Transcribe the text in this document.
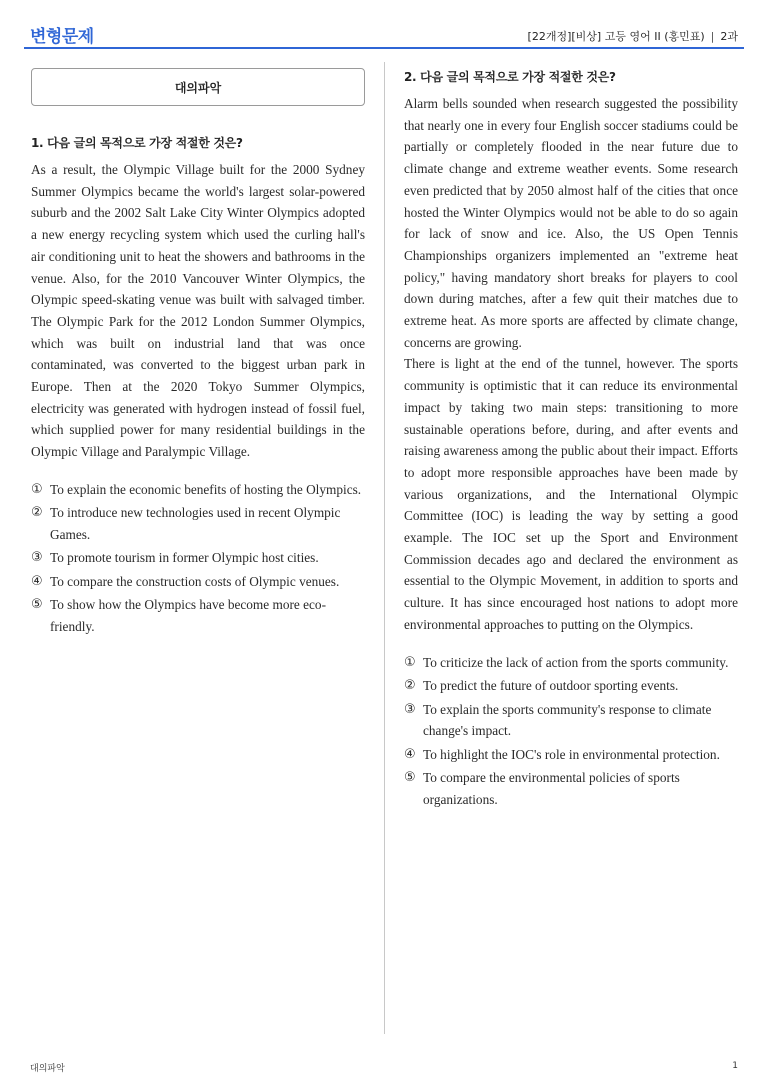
변형문제	[22개정][비상] 고등 영어 II (홍민표) | 2과
대의파악
1. 다음 글의 목적으로 가장 적절한 것은?

As a result, the Olympic Village built for the 2000 Sydney Summer Olympics became the world's largest solar-powered suburb and the 2002 Salt Lake City Winter Olympics adopted a new energy recycling system which used the curling hall's air conditioning unit to heat the showers and bathrooms in the venue. Also, for the 2010 Vancouver Winter Olympics, the Olympic speed-skating venue was built with salvaged timber. The Olympic Park for the 2012 London Summer Olympics, which was built on industrial land that was once contaminated, was converted to the biggest urban park in Europe. Then at the 2020 Tokyo Summer Olympics, electricity was generated with hydrogen instead of fossil fuel, which supplied power for many residential buildings in the Olympic Village and Paralympic Village.

① To explain the economic benefits of hosting the Olympics.
② To introduce new technologies used in recent Olympic Games.
③ To promote tourism in former Olympic host cities.
④ To compare the construction costs of Olympic venues.
⑤ To show how the Olympics have become more eco-friendly.
2. 다음 글의 목적으로 가장 적절한 것은?

Alarm bells sounded when research suggested the possibility that nearly one in every four English soccer stadiums could be partially or completely flooded in the near future due to climate change and extreme weather events. Some research even predicted that by 2050 almost half of the cities that once hosted the Winter Olympics would not be able to do so again for lack of snow and ice. Also, the US Open Tennis Championships organizers implemented an "extreme heat policy," having mandatory short breaks for players to cool down during matches, after a few quit their matches due to extreme heat. As more sports are affected by climate change, concerns are growing.

There is light at the end of the tunnel, however. The sports community is optimistic that it can reduce its environmental impact by taking two main steps: transitioning to more sustainable operations before, during, and after events and raising awareness among the public about their impact. Efforts to adopt more responsible approaches have been made by various organizations, and the International Olympic Committee (IOC) is leading the way by setting a good example. The IOC set up the Sport and Environment Commission decades ago and declared the environment as essential to the Olympic Movement, in addition to sports and culture. It has since encouraged host nations to adopt more environmental approaches to putting on the Olympics.

① To criticize the lack of action from the sports community.
② To predict the future of outdoor sporting events.
③ To explain the sports community's response to climate change's impact.
④ To highlight the IOC's role in environmental protection.
⑤ To compare the environmental policies of sports organizations.
대의파악	1
